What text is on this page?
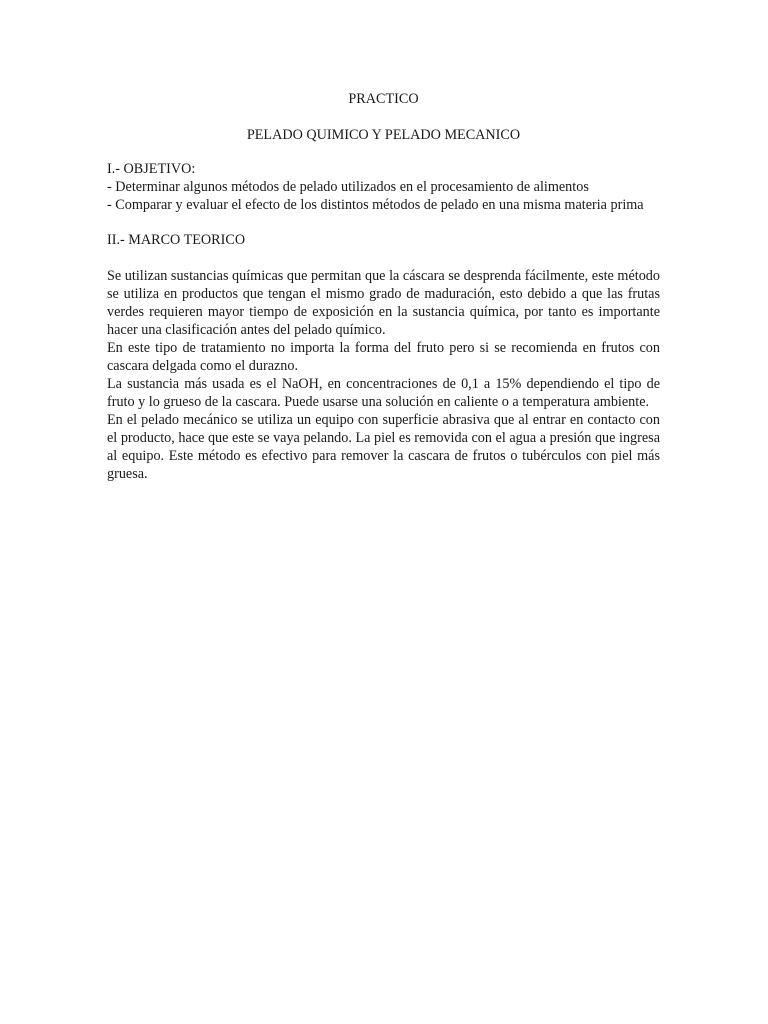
PRACTICO
PELADO QUIMICO Y PELADO MECANICO

I.- OBJETIVO:

- Determinar algunos métodos de pelado utilizados en el procesamiento de alimentos

- Comparar y evaluar el efecto de los distintos métodos de pelado en una misma materia prima

II.- MARCO TEORICO

Se utilizan sustancias químicas que permitan que la cáscara se desprenda fácilmente, este método se utiliza en productos que tengan el mismo grado de maduración, esto debido a que las frutas verdes requieren mayor tiempo de exposición en la sustancia química, por tanto es importante hacer una clasificación antes del pelado químico.

En este tipo de tratamiento no importa la forma del fruto pero si se recomienda en frutos con cascara delgada como el durazno.

La sustancia más usada es el NaOH, en concentraciones de 0,1 a 15% dependiendo el tipo de fruto y lo grueso de la cascara. Puede usarse una solución en caliente o a temperatura ambiente.

En el pelado mecánico se utiliza un equipo con superficie abrasiva que al entrar en contacto con el producto, hace que este se vaya pelando. La piel es removida con el agua a presión que ingresa al equipo. Este método es efectivo para remover la cascara de frutos o tubérculos con piel más gruesa.
